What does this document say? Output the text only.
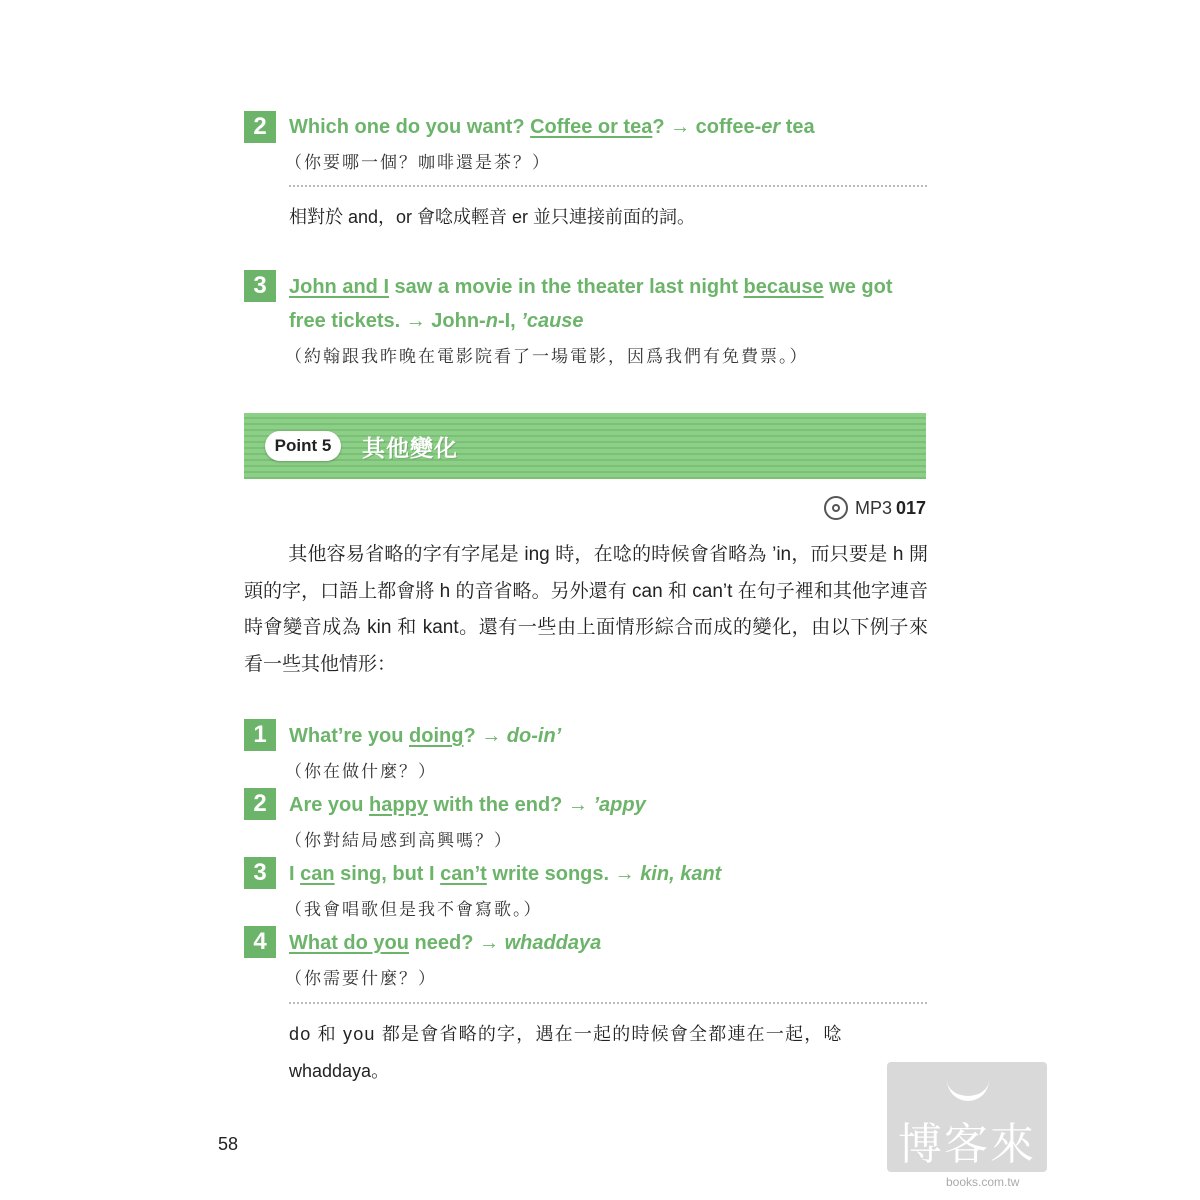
2	Which one do you want? Coffee or tea? → coffee-er tea
（你要哪一個？咖啡還是茶？）
相對於 and，or 會唸成輕音 er 並只連接前面的詞。
3	John and I saw a movie in the theater last night because we got
free tickets. → John-n-I, ’cause
（約翰跟我昨晚在電影院看了一場電影，因爲我們有免費票。）
Point 5	其他變化
MP3 017
其他容易省略的字有字尾是 ing 時，在唸的時候會省略為 ’in，而只要是 h 開頭的字，口語上都會將 h 的音省略。另外還有 can 和 can’t 在句子裡和其他字連音時會變音成為 kin 和 kant。還有一些由上面情形綜合而成的變化，由以下例子來看一些其他情形：
1	What’re you doing? → do-in’
（你在做什麼？）
2	Are you happy with the end? → ’appy
（你對結局感到高興嗎？）
3	I can sing, but I can’t write songs. → kin, kant
（我會唱歌但是我不會寫歌。）
4	What do you need? → whaddaya
（你需要什麼？）
do 和 you 都是會省略的字，遇在一起的時候會全都連在一起，唸
whaddaya。
58	博客來
books.com.tw
